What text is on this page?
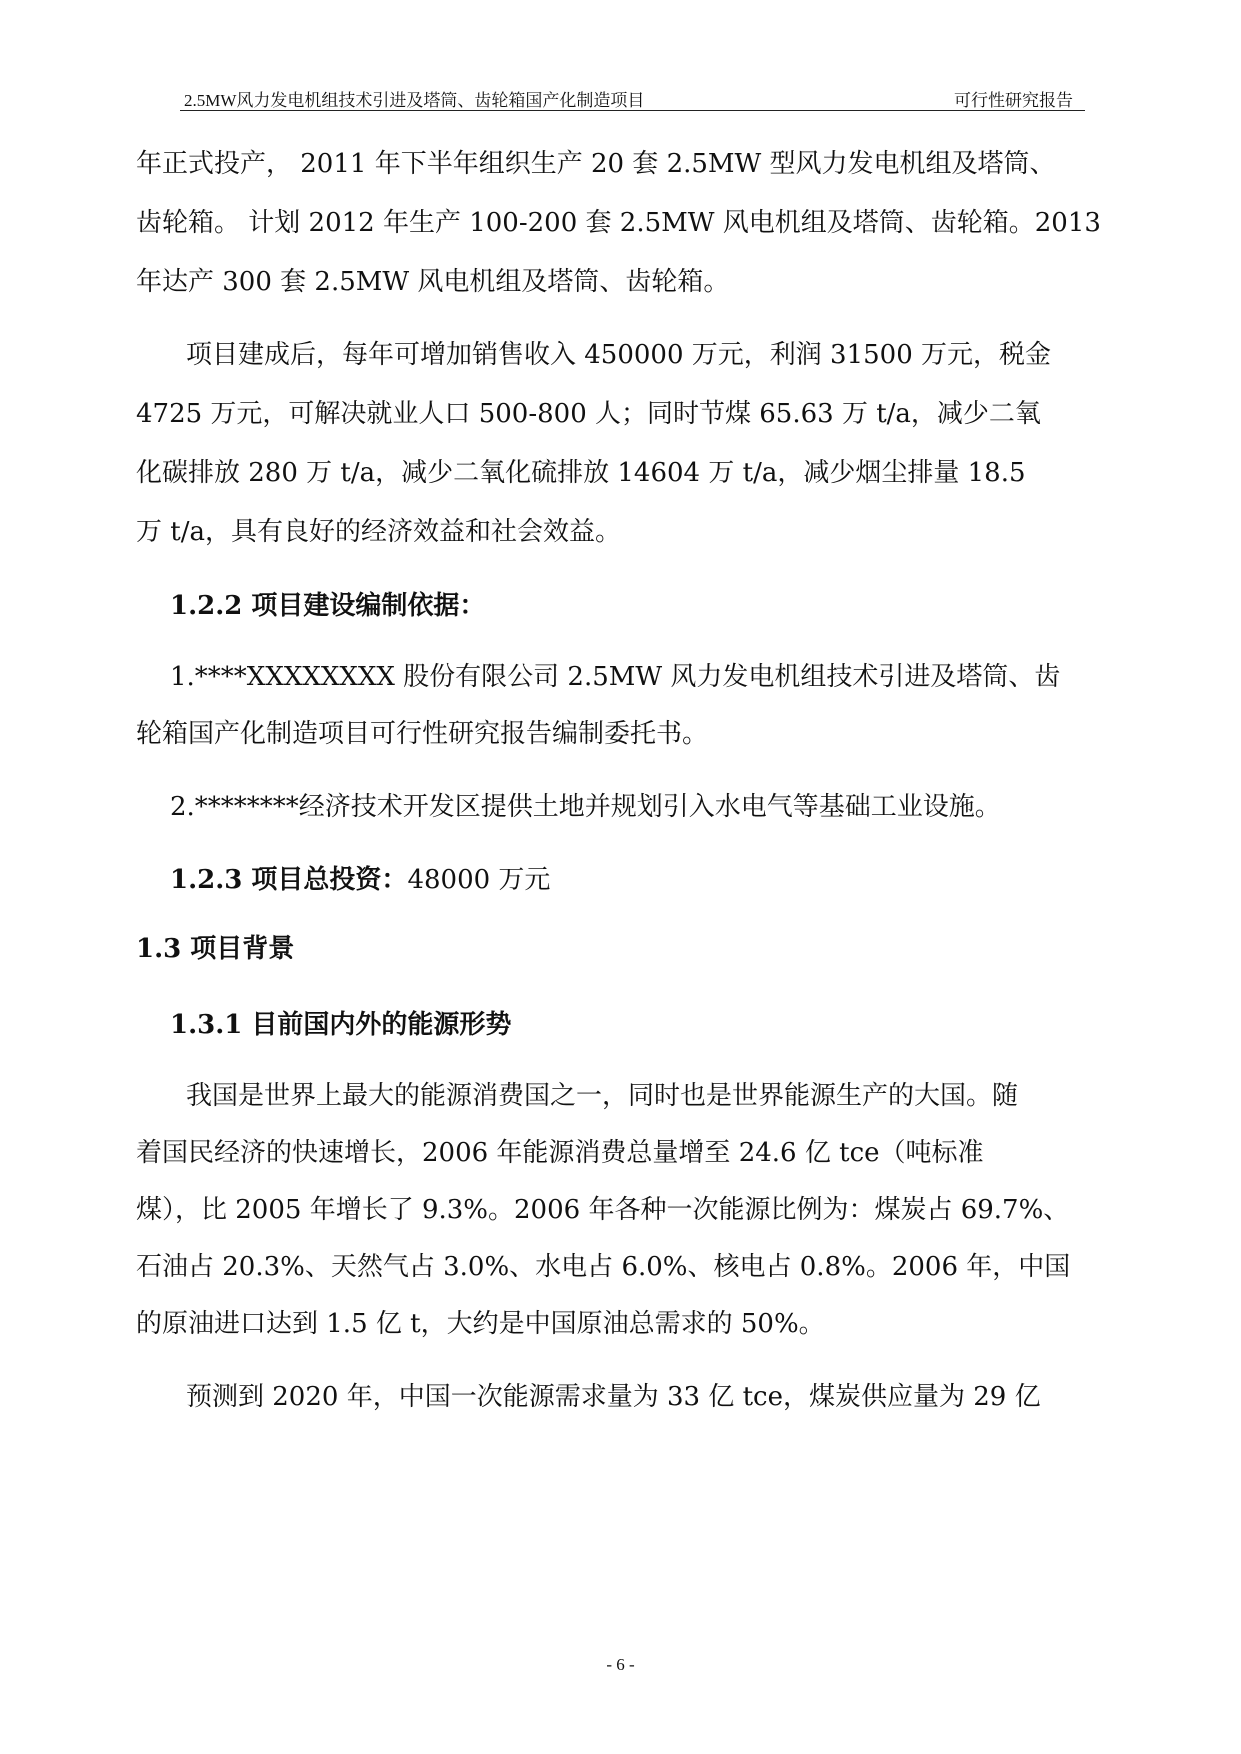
2.5MW风力发电机组技术引进及塔筒、齿轮箱国产化制造项目	可行性研究报告
年正式投产， 2011 年下半年组织生产 20 套 2.5MW 型风力发电机组及塔筒、
齿轮箱。 计划 2012 年生产 100-200 套 2.5MW 风电机组及塔筒、齿轮箱。2013
年达产 300 套 2.5MW 风电机组及塔筒、齿轮箱。
项目建成后，每年可增加销售收入 450000 万元，利润 31500 万元，税金
4725 万元，可解决就业人口 500-800 人；同时节煤 65.63 万 t/a，减少二氧
化碳排放 280 万 t/a，减少二氧化硫排放 14604 万 t/a，减少烟尘排量 18.5
万 t/a，具有良好的经济效益和社会效益。
1.2.2 项目建设编制依据：
1.****XXXXXXXX 股份有限公司 2.5MW 风力发电机组技术引进及塔筒、齿
轮箱国产化制造项目可行性研究报告编制委托书。
2.********经济技术开发区提供土地并规划引入水电气等基础工业设施。
1.2.3 项目总投资：48000 万元
1.3 项目背景
1.3.1 目前国内外的能源形势
我国是世界上最大的能源消费国之一，同时也是世界能源生产的大国。随
着国民经济的快速增长，2006 年能源消费总量增至 24.6 亿 tce（吨标准
煤），比 2005 年增长了 9.3%。2006 年各种一次能源比例为：煤炭占 69.7%、
石油占 20.3%、天然气占 3.0%、水电占 6.0%、核电占 0.8%。2006 年，中国
的原油进口达到 1.5 亿 t，大约是中国原油总需求的 50%。
预测到 2020 年，中国一次能源需求量为 33 亿 tce，煤炭供应量为 29 亿
- 6 -
